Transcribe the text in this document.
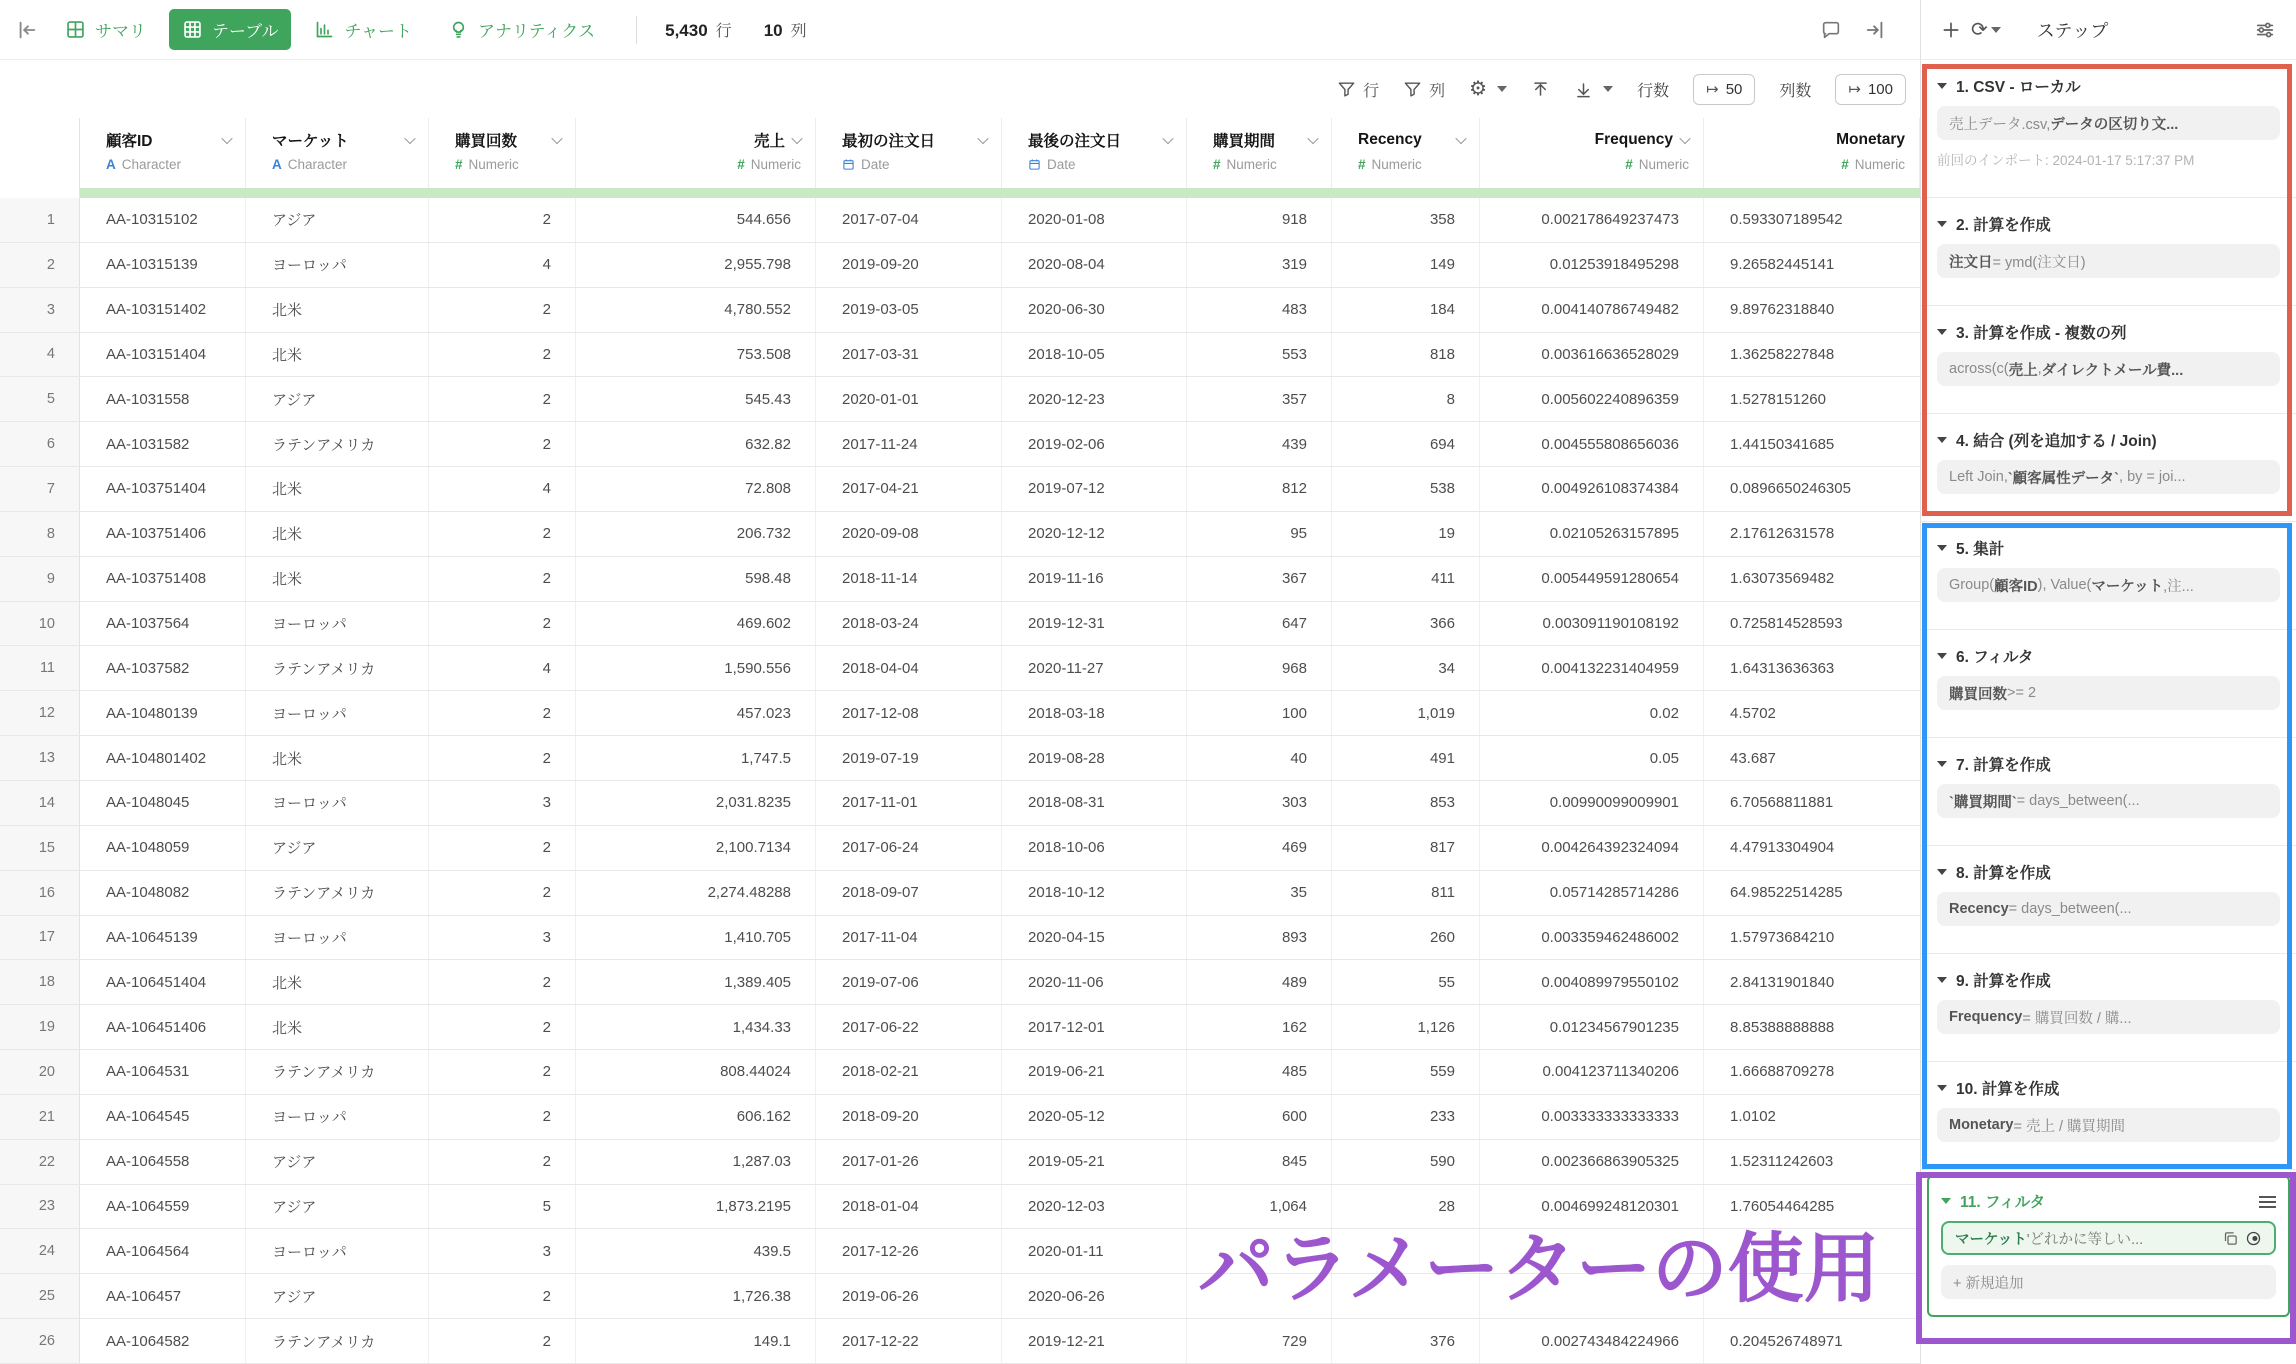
サマリ	テーブル	チャート	アナリティクス	5,430 行 10 列	⟳	ステップ
行	列 ⚙	行数 ↦ 50 列数 ↦ 100
顧客ID
A Character
マーケット
A Character
購買回数
# Numeric
売上
# Numeric
最初の注文日
Date
最後の注文日
Date
購買期間
# Numeric
Recency
# Numeric
Frequency
# Numeric
Monetary
# Numeric
1	AA-10315102	アジア	2	544.656	2017-07-04	2020-01-08	918	358	0.002178649237473	0.593307189542
2	AA-10315139	ヨーロッパ	4	2,955.798	2019-09-20	2020-08-04	319	149	0.01253918495298	9.26582445141
3	AA-103151402	北米	2	4,780.552	2019-03-05	2020-06-30	483	184	0.004140786749482	9.89762318840
4	AA-103151404	北米	2	753.508	2017-03-31	2018-10-05	553	818	0.003616636528029	1.36258227848
5	AA-1031558	アジア	2	545.43	2020-01-01	2020-12-23	357	8	0.005602240896359	1.5278151260
6	AA-1031582	ラテンアメリカ	2	632.82	2017-11-24	2019-02-06	439	694	0.004555808656036	1.44150341685
7	AA-103751404	北米	4	72.808	2017-04-21	2019-07-12	812	538	0.004926108374384	0.0896650246305
8	AA-103751406	北米	2	206.732	2020-09-08	2020-12-12	95	19	0.02105263157895	2.17612631578
9	AA-103751408	北米	2	598.48	2018-11-14	2019-11-16	367	411	0.005449591280654	1.63073569482
10	AA-1037564	ヨーロッパ	2	469.602	2018-03-24	2019-12-31	647	366	0.003091190108192	0.725814528593
11	AA-1037582	ラテンアメリカ	4	1,590.556	2018-04-04	2020-11-27	968	34	0.004132231404959	1.64313636363
12	AA-10480139	ヨーロッパ	2	457.023	2017-12-08	2018-03-18	100	1,019	0.02	4.5702
13	AA-104801402	北米	2	1,747.5	2019-07-19	2019-08-28	40	491	0.05	43.687
14	AA-1048045	ヨーロッパ	3	2,031.8235	2017-11-01	2018-08-31	303	853	0.00990099009901	6.70568811881
15	AA-1048059	アジア	2	2,100.7134	2017-06-24	2018-10-06	469	817	0.004264392324094	4.47913304904
16	AA-1048082	ラテンアメリカ	2	2,274.48288	2018-09-07	2018-10-12	35	811	0.05714285714286	64.98522514285
17	AA-10645139	ヨーロッパ	3	1,410.705	2017-11-04	2020-04-15	893	260	0.003359462486002	1.57973684210
18	AA-106451404	北米	2	1,389.405	2019-07-06	2020-11-06	489	55	0.004089979550102	2.84131901840
19	AA-106451406	北米	2	1,434.33	2017-06-22	2017-12-01	162	1,126	0.01234567901235	8.85388888888
20	AA-1064531	ラテンアメリカ	2	808.44024	2018-02-21	2019-06-21	485	559	0.004123711340206	1.66688709278
21	AA-1064545	ヨーロッパ	2	606.162	2018-09-20	2020-05-12	600	233	0.003333333333333	1.0102
22	AA-1064558	アジア	2	1,287.03	2017-01-26	2019-05-21	845	590	0.002366863905325	1.52311242603
23	AA-1064559	アジア	5	1,873.2195	2018-01-04	2020-12-03	1,064	28	0.004699248120301	1.76054464285
24	AA-1064564	ヨーロッパ	3	439.5	2017-12-26	2020-01-11
25	AA-106457	アジア	2	1,726.38	2019-06-26	2020-06-26
26	AA-1064582	ラテンアメリカ	2	149.1	2017-12-22	2019-12-21	729	376	0.002743484224966	0.204526748971
1. CSV - ローカル
売上データ.csv, データの区切り文...
前回のインポート: 2024-01-17 5:17:37 PM
2. 計算を作成
注文日 = ymd(注文日)
3. 計算を作成 - 複数の列
across(c( 売上 , ダイレクトメール費...
4. 結合 (列を追加する / Join)
Left Join, `顧客属性データ` , by = joi...
5. 集計
Group( 顧客ID ), Value( マーケット ,注...
6. フィルタ
購買回数 >= 2
7. 計算を作成
`購買期間` = days_between(...
8. 計算を作成
Recency = days_between(...
9. 計算を作成
Frequency = 購買回数 / 購...
10. 計算を作成
Monetary = 売上 / 購買期間
11. フィルタ
マーケット 'どれかに等しい...
+ 新規追加
パラメーターの使用
